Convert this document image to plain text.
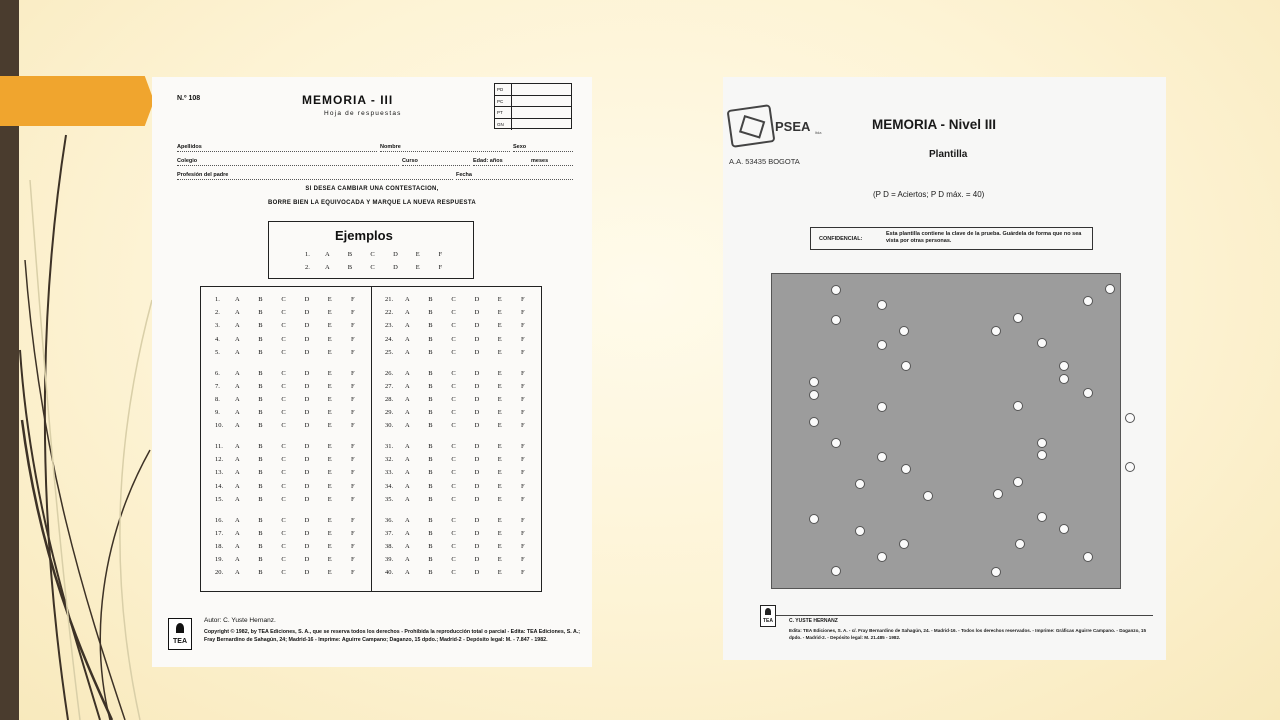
N.º 108	MEMORIA - III
Hoja de respuestas
PD
PC
PT
GN
Apellidos	Nombre	Sexo
Colegio	Curso	Edad: años	meses
Profesión del padre	Fecha
SI DESEA CAMBIAR UNA CONTESTACION,
BORRE BIEN LA EQUIVOCADA Y MARQUE LA NUEVA RESPUESTA
Ejemplos
1.	A	B	C	D	E	F
2.	A	B	C	D	E	F
1.	A	B	C	D	E	F
2.	A	B	C	D	E	F
3.	A	B	C	D	E	F
4.	A	B	C	D	E	F
5.	A	B	C	D	E	F
6.	A	B	C	D	E	F
7.	A	B	C	D	E	F
8.	A	B	C	D	E	F
9.	A	B	C	D	E	F
10.	A	B	C	D	E	F
11.	A	B	C	D	E	F
12.	A	B	C	D	E	F
13.	A	B	C	D	E	F
14.	A	B	C	D	E	F
15.	A	B	C	D	E	F
16.	A	B	C	D	E	F
17.	A	B	C	D	E	F
18.	A	B	C	D	E	F
19.	A	B	C	D	E	F
20.	A	B	C	D	E	F
21.	A	B	C	D	E	F
22.	A	B	C	D	E	F
23.	A	B	C	D	E	F
24.	A	B	C	D	E	F
25.	A	B	C	D	E	F
26.	A	B	C	D	E	F
27.	A	B	C	D	E	F
28.	A	B	C	D	E	F
29.	A	B	C	D	E	F
30.	A	B	C	D	E	F
31.	A	B	C	D	E	F
32.	A	B	C	D	E	F
33.	A	B	C	D	E	F
34.	A	B	C	D	E	F
35.	A	B	C	D	E	F
36.	A	B	C	D	E	F
37.	A	B	C	D	E	F
38.	A	B	C	D	E	F
39.	A	B	C	D	E	F
40.	A	B	C	D	E	F
TEA
Autor: C. Yuste Hernanz.
Copyright © 1982, by TEA Ediciones, S. A., que se reserva todos los derechos - Prohibida la reproducción total o parcial - Edita: TEA Ediciones, S. A.; Fray Bernardino de Sahagún, 24; Madrid-16 - Imprime: Aguirre Campano; Daganzo, 15 dpdo.; Madrid-2 - Depósito legal: M. - 7.847 - 1982.
PSEA ltda
A.A. 53435 BOGOTA
MEMORIA - Nivel III
Plantilla
(P D = Aciertos; P D máx. = 40)
CONFIDENCIAL:
Esta plantilla contiene la clave de la prueba. Guárdela de forma que no sea vista por otras personas.
TEA	C. YUSTE HERNANZ
Edita: TEA Ediciones, S. A. - c/. Fray Bernardino de Sahagún, 24. - Madrid-16. - Todos los derechos reservados. - Imprime: Gráficas Aguirre Campano. - Daganzo, 15 dpdo. - Madrid-2. - Depósito legal: M. 21.485 - 1982.
